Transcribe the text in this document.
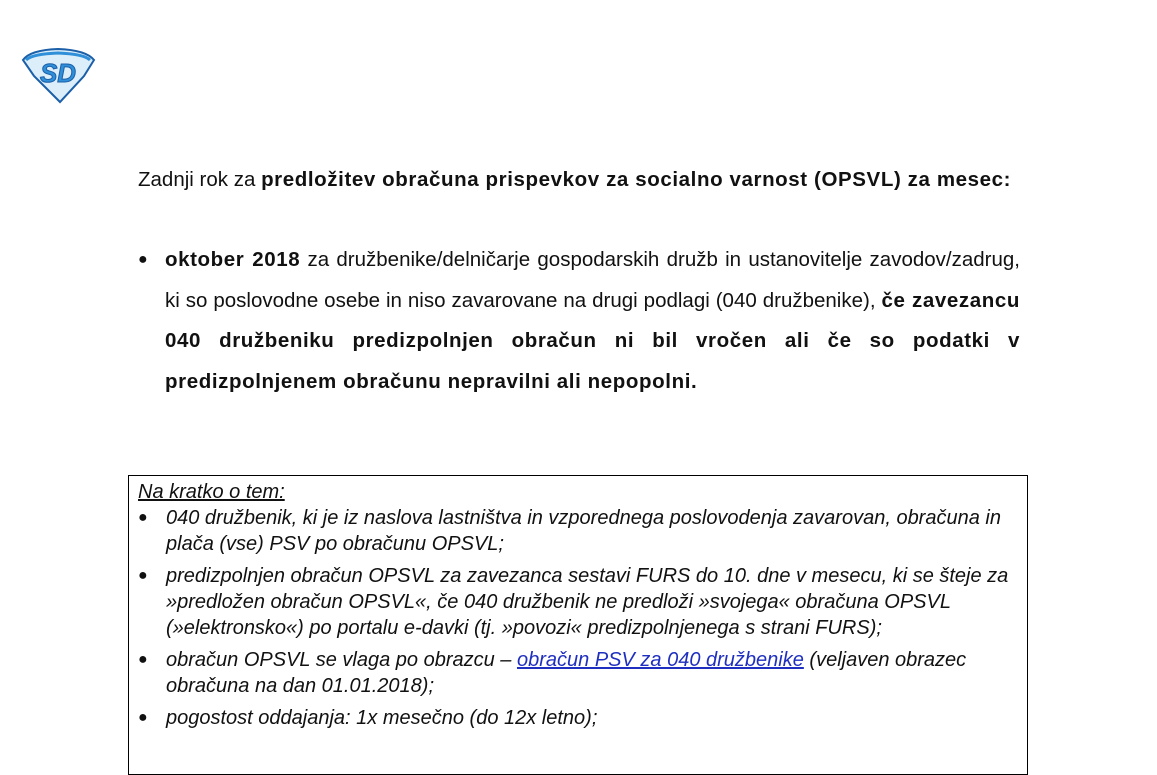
SD

Zadnji rok za predložitev obračuna prispevkov za socialno varnost (OPSVL) za mesec:

● oktober 2018 za družbenike/delničarje gospodarskih družb in ustanovitelje zavodov/zadrug, ki so poslovodne osebe in niso zavarovane na drugi podlagi (040 družbenike), če zavezancu 040 družbeniku predizpolnjen obračun ni bil vročen ali če so podatki v predizpolnjenem obračunu nepravilni ali nepopolni.
Na kratko o tem:
● 040 družbenik, ki je iz naslova lastništva in vzporednega poslovodenja zavarovan, obračuna in plača (vse) PSV po obračunu OPSVL;
● predizpolnjen obračun OPSVL za zavezanca sestavi FURS do 10. dne v mesecu, ki se šteje za »predložen obračun OPSVL«, če 040 družbenik ne predloži »svojega« obračuna OPSVL (»elektronsko«) po portalu e-davki (tj. »povozi« predizpolnjenega s strani FURS);
● obračun OPSVL se vlaga po obrazcu – obračun PSV za 040 družbenike (veljaven obrazec obračuna na dan 01.01.2018);
● pogostost oddajanja: 1x mesečno (do 12x letno);
